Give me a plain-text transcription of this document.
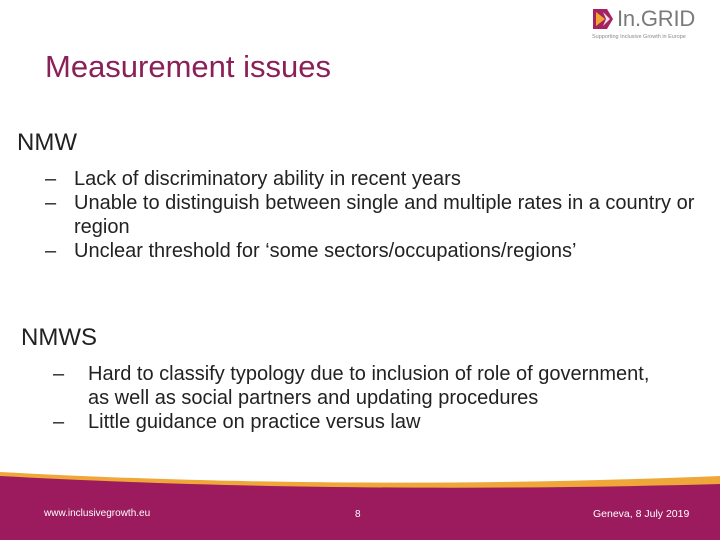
In.GRID
Supporting Inclusive Growth in Europe
Measurement issues
NMW
– Lack of discriminatory ability in recent years
– Unable to distinguish between single and multiple rates in a country or region
– Unclear threshold for ‘some sectors/occupations/regions’
NMWS
– Hard to classify typology due to inclusion of role of government, as well as social partners and updating procedures
– Little guidance on practice versus law
www.inclusivegrowth.eu	8	Geneva, 8 July 2019
